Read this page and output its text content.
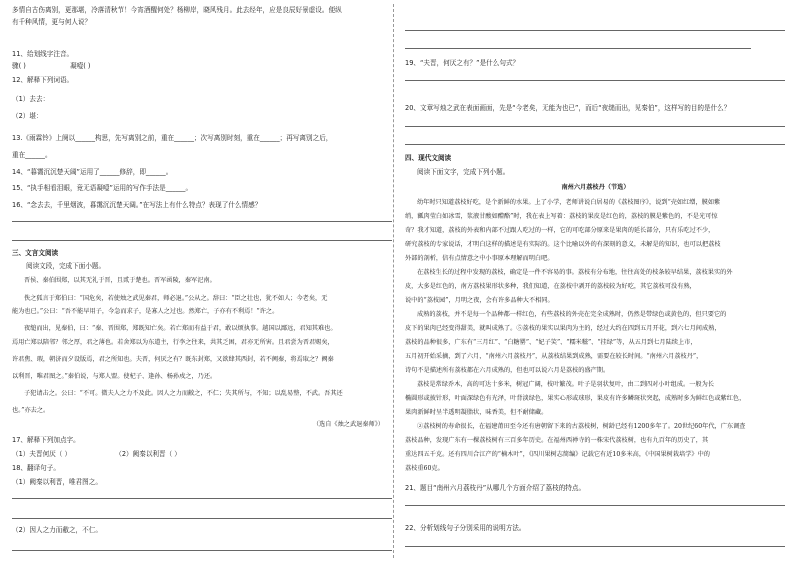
多情自古伤离别，更那堪，冷落清秋节！今宵酒醒何处？杨柳岸，晓风残月。此去经年，应是良辰好景虚设。便纵
有千种风情，更与何人说？
11、给划线字注音。
骤( )	凝噎( )
12、解释下列词语。
（1）去去：
（2）堪：
13.《雨霖铃》上阕以______构思，先写离别之前，重在______；次写离别时刻，重在______；再写离别之后，
重在______。
14、“暮霭沉沉楚天阔”运用了______修辞，即______。
15、“执手相看泪眼，竟无语凝噎”运用的写作手法是______。
16、“念去去，千里烟波，暮霭沉沉楚天阔。”在写法上有什么特点？表现了什么情感？
三、文言文阅读
阅读文段，完成下面小题。
晋侯、秦伯围郑，以其无礼于晋，且贰于楚也。晋军函陵，秦军氾南。
佚之狐言于郑伯曰：“国危矣，若使烛之武见秦君，师必退。”公从之。辞曰：“臣之壮也，犹不如人；今老矣，无
能为也已。”公曰：“吾不能早用子，今急而求子，是寡人之过也。然郑亡，子亦有不利焉！”许之。
夜缒而出，见秦伯，曰：“秦、晋围郑，郑既知亡矣。若亡郑而有益于君，敢以烦执事。越国以鄙远，君知其难也。
焉用亡郑以陪邻？邻之厚，君之薄也。若舍郑以为东道主，行李之往来，共其乏困，君亦无所害。且君尝为晋君赐矣，
许君焦、瑕，朝济而夕设版焉，君之所知也。夫晋，何厌之有？既东封郑，又欲肆其西封，若不阙秦，将焉取之？阙秦
以利晋，唯君图之。”秦伯说，与郑人盟。使杞子、逢孙、杨孙戍之，乃还。
子犯请击之。公曰：“不可。微夫人之力不及此。因人之力而敝之，不仁；失其所与，不知；以乱易整，不武。吾其还
也。”亦去之。
（选自《烛之武退秦师》）
17、解释下列加点字。
（1）夫晋何厌（ ）	（2）阙秦以利晋（ ）
18、翻译句子。
（1）阙秦以利晋，唯君图之。
（2）因人之力而敝之，不仁。
19、“夫晋，何厌之有？”是什么句式？
20、文章写烛之武在表面画面，先是“今老矣，无能为也已”，而后“夜缒而出，见秦伯”，这样写的目的是什么？
四、现代文阅读
阅读下面文字，完成下列小题。
南州六月荔枝丹（节选）
幼年时只知道荔枝好吃，是个新鲜的水果。上了小学，老师讲说白居易的《荔枝图序》，说到“壳如红缯，膜如紫
绡，瓤肉莹白如冰雪，浆液甘酸如醴酪”时，我在表上写着：荔枝的果皮是红色的，荔枝的膜是紫色的，不是光可惊
奇？我才知道，荔枝的外表和内部不过跟人吃过的一样，它的可吃部分原来是果肉的延长部分，只有乐吃过不少，
研究荔枝的专家说话，才明白这样的描述是有实际的。这个比喻以外的有深刻的意义，未解是的知识，也可以把荔枝
外部的剖析，信有点情意之中小事原本理解而明白吧。
在荔枝生长的过程中发现的荔枝，确定是一件不容易的事。荔枝有分布地，往往高处的枝条较早结果，荔枝果实的外
皮，大多是红色的，南方荔枝果形状多种，我们知道，在荔枝中剥开的荔枝较为好吃，其它荔枝可没有熟，
说中的“荔枝园”，月明之夜，会有许多品种大不相同。
成熟的荔枝，并不是每一个品种都一样红色，有些荔枝的外壳在完全成熟时，仍然是带绿色或黄色的，但只要它的
皮下的果肉已经变得甜美，就叫成熟了。⑤荔枝的果实以果肉为主的，经过大约在四到五月开花，到六七月间成熟，
荔枝的品种很多，广东有“三月红”、“白糖罂”、“妃子笑”、“糯米糍”、“挂绿”等，从五月到七月陆续上市，
五月初开始采摘，到了六月，“南州六月荔枝丹”，从荔枝结果到成熟，需要在较长时间。“南州六月荔枝丹”，
诗句不是描述所有荔枝都在六月成熟的，但也可以说六月是荔枝的盛产期。
荔枝是常绿乔木，高的可达十多米，树冠广阔，枝叶繁茂。叶子是羽状复叶，由二到四对小叶组成。一般为长
椭圆形或披针形，叶面深绿色有光泽，叶背淡绿色，果实心形或球形，果皮有许多鳞斑状突起，成熟时多为鲜红色或紫红色，
果肉新鲜时呈半透明凝脂状，味香美，但不耐储藏。
②荔枝树的寿命很长，在福建莆田至今还有唐朝留下来的古荔枝树，树龄已经有1200多年了。20世纪60年代，广东调查
荔枝品种，发现广东有一棵荔枝树有三百多年历史。在福州西禅寺的一株宋代荔枝树，也有九百年的历史了，其
重达四五千克。还有四川合江产的“楠木叶”，《四川果树志简编》记载它有近10多米高，《中国果树栽培学》中的
荔枝重60克。
21、题目“南州六月荔枝丹”从哪几个方面介绍了荔枝的特点。
22、分析划线句子分别采用的说明方法。
